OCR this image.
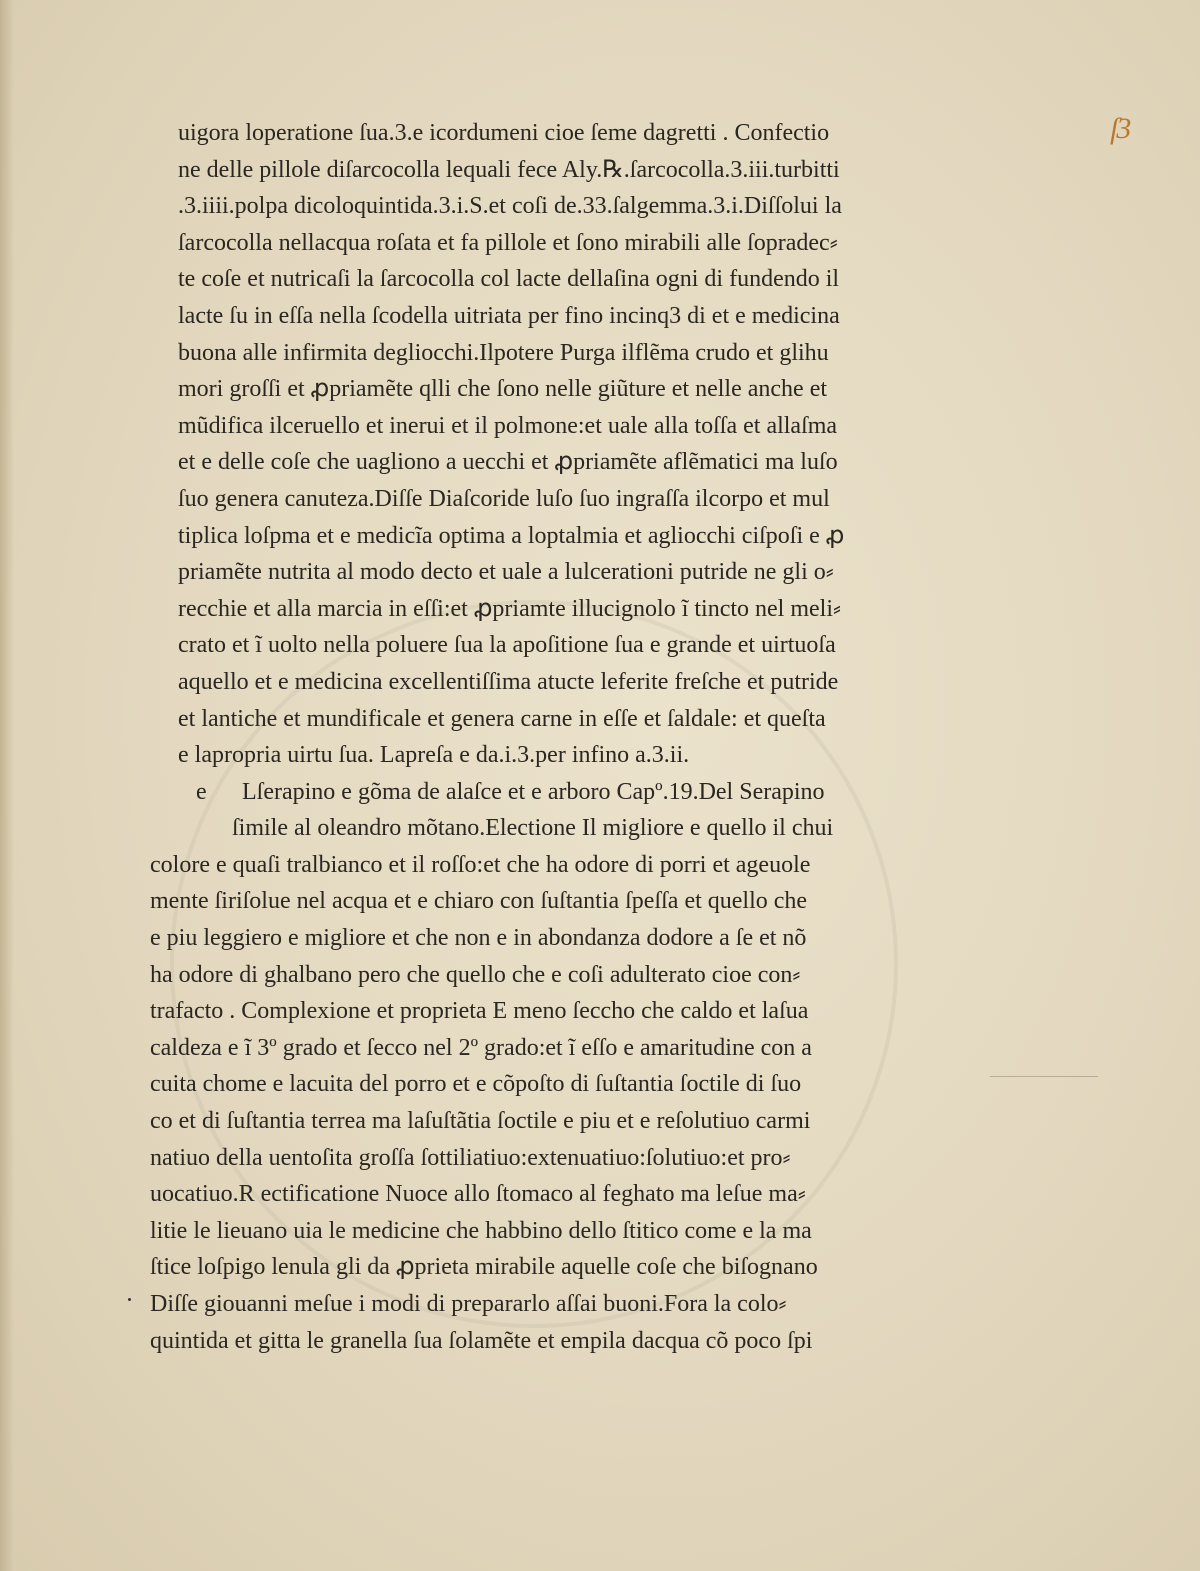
ſ3
uigora loperatione ſua.3.e icordumeni cioe ſeme dagretti . Confectio
ne delle pillole diſarcocolla lequali fece Aly.℞.ſarcocolla.3.iii.turbitti
.3.iiii.polpa dicoloquintida.3.i.S.et coſi de.33.ſalgemma.3.i.Diſſolui la
ſarcocolla nellacqua roſata et fa pillole et ſono mirabili alle ſopradec⸗
te coſe et nutricaſi la ſarcocolla col lacte dellaſina ogni di fundendo il
lacte ſu in eſſa nella ſcodella uitriata per fino incinq3 di et e medicina
buona alle infirmita degliocchi.Ilpotere Purga ilflẽma crudo et glihu
mori groſſi et ꝓpriamẽte qlli che ſono nelle giũture et nelle anche et
mũdifica ilceruello et inerui et il polmone:et uale alla toſſa et allaſma
et e delle coſe che uagliono a uecchi et ꝓpriamẽte aflẽmatici ma luſo
ſuo genera canuteza.Diſſe Diaſcoride luſo ſuo ingraſſa ilcorpo et mul
tiplica loſpma et e medicĩa optima a loptalmia et agliocchi ciſpoſi e ꝓ
priamẽte nutrita al modo decto et uale a lulcerationi putride ne gli o⸗
recchie et alla marcia in eſſi:et ꝓpriamte illucignolo ĩ tincto nel meli⸗
crato et ĩ uolto nella poluere ſua la apoſitione ſua e grande et uirtuoſa
aquello et e medicina excellentiſſima atucte leferite freſche et putride
et lantiche et mundificale et genera carne in eſſe et ſaldale: et queſta
e lapropria uirtu ſua. Lapreſa e da.i.3.per infino a.3.ii.
e Lſerapino e gõma de alaſce et e arboro Capº.19.Del Serapino
ſimile al oleandro mõtano.Electione Il migliore e quello il chui
colore e quaſi tralbianco et il roſſo:et che ha odore di porri et ageuole
mente ſiriſolue nel acqua et e chiaro con ſuſtantia ſpeſſa et quello che
e piu leggiero e migliore et che non e in abondanza dodore a ſe et nõ
ha odore di ghalbano pero che quello che e coſi adulterato cioe con⸗
trafacto . Complexione et proprieta E meno ſeccho che caldo et laſua
caldeza e ĩ 3º grado et ſecco nel 2º grado:et ĩ eſſo e amaritudine con a
cuita chome e lacuita del porro et e cõpoſto di ſuſtantia ſoctile di ſuo
co et di ſuſtantia terrea ma laſuſtãtia ſoctile e piu et e reſolutiuo carmi
natiuo della uentoſita groſſa ſottiliatiuo:extenuatiuo:ſolutiuo:et pro⸗
uocatiuo.R ectificatione Nuoce allo ſtomaco al feghato ma leſue ma⸗
litie le lieuano uia le medicine che habbino dello ſtitico come e la ma
ſtice loſpigo lenula gli da ꝓprieta mirabile aquelle coſe che biſognano
Diſſe giouanni meſue i modi di prepararlo aſſai buoni.Fora la colo⸗
quintida et gitta le granella ſua ſolamẽte et empila dacqua cõ poco ſpi
